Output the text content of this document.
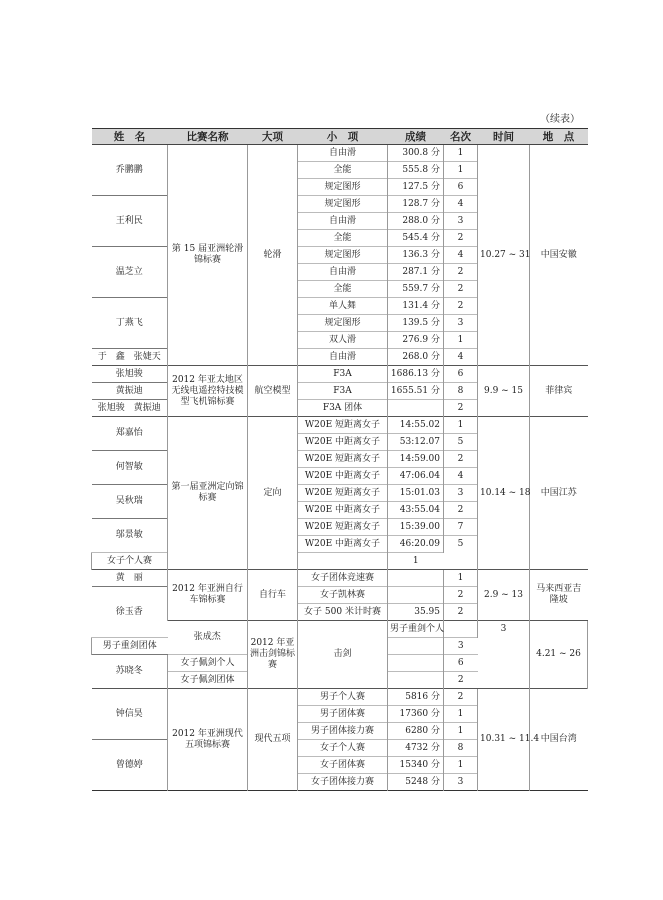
（续表）
姓　名	比赛名称	大项	小　项	成绩	名次	时间	地　点	
乔鹏鹏	第 15 届亚洲轮滑锦标赛	轮滑	自由滑	300.8 分	1	10.27 ~ 31	中国安徽	
			全能	555.8 分	1			
			规定图形	127.5 分	6			
王利民			规定图形	128.7 分	4			
			自由滑	288.0 分	3			
			全能	545.4 分	2			
温芝立			规定图形	136.3 分	4			
			自由滑	287.1 分	2			
			全能	559.7 分	2			
丁燕飞			单人舞	131.4 分	2			
			规定图形	139.5 分	3			
			双人滑	276.9 分	1			
于　鑫　张婕天			自由滑	268.0 分	4			
张旭骏	2012 年亚太地区无线电遥控特技模型飞机锦标赛	航空模型	F3A	1686.13 分	6	9.9 ~ 15	菲律宾	
黄振迪			F3A	1655.51 分	8			
张旭骏　黄振迪			F3A 团体		2			
郑嘉怡	第一届亚洲定向锦标赛	定向	W20E 短距离女子	14:55.02	1	10.14 ~ 18	中国江苏	
			W20E 中距离女子	53:12.07	5			
何智敏			W20E 短距离女子	14:59.00	2			
			W20E 中距离女子	47:06.04	4			
吴秋瑞			W20E 短距离女子	15:01.03	3			
			W20E 中距离女子	43:55.04	2			
邬景敏			W20E 短距离女子	15:39.00	7			
			W20E 中距离女子	46:20.09	5			
女子个人赛				1				
黄　丽	2012 年亚洲自行车锦标赛	自行车	女子团体竞速赛		1	2.9 ~ 13	马来西亚吉隆坡	
徐玉香			女子凯林赛		2			
			女子 500 米计时赛	35.95	2			
	张成杰	2012 年亚洲击剑锦标赛	击剑	男子重剑个人		3	4.21 ~ 26	
男子重剑团体					3			
苏晓冬	女子佩剑个人				6			
	女子佩剑团体				2			
钟信昊	2012 年亚洲现代五项锦标赛	现代五项	男子个人赛	5816 分	2	10.31 ~ 11.4	中国台湾	
			男子团体赛	17360 分	1			
			男子团体接力赛	6280 分	1			
曾德婷			女子个人赛	4732 分	8			
			女子团体赛	15340 分	1			
			女子团体接力赛	5248 分	3			
